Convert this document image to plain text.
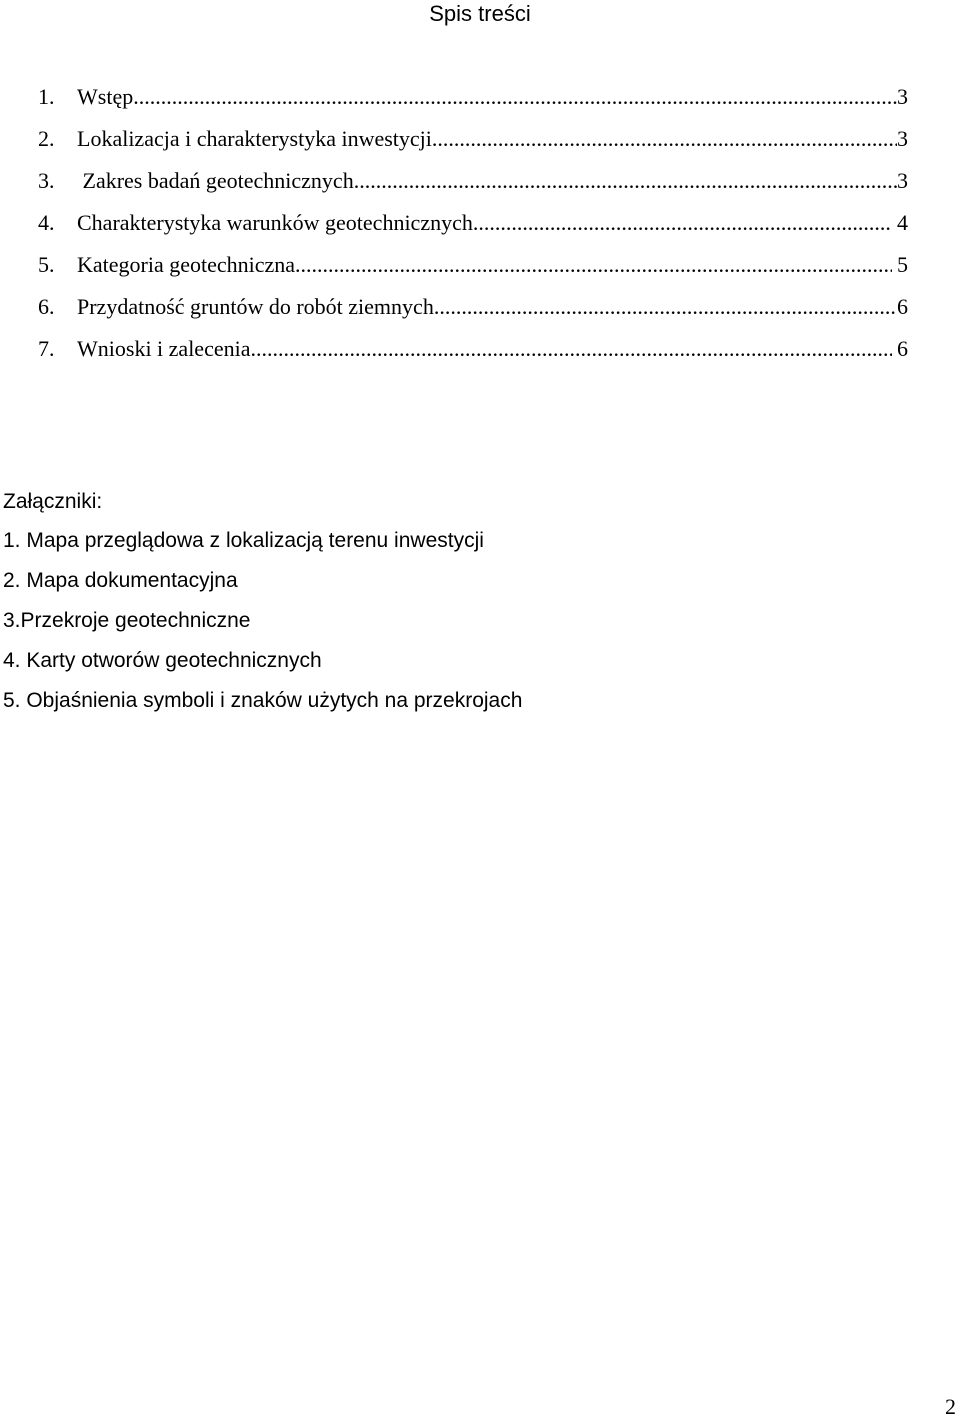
Spis treści
1.	Wstęp .....	3
2.	Lokalizacja i charakterystyka inwestycji .....	3
3.	Zakres badań geotechnicznych .....	3
4.	Charakterystyka warunków geotechnicznych .....	4
5.	Kategoria geotechniczna .....	5
6.	Przydatność gruntów do robót ziemnych .....	6
7.	Wnioski i zalecenia .....	6
Załączniki:
1. Mapa przeglądowa z lokalizacją terenu inwestycji
2. Mapa dokumentacyjna
3.Przekroje geotechniczne
4. Karty otworów geotechnicznych
5. Objaśnienia symboli i znaków użytych na przekrojach
2
